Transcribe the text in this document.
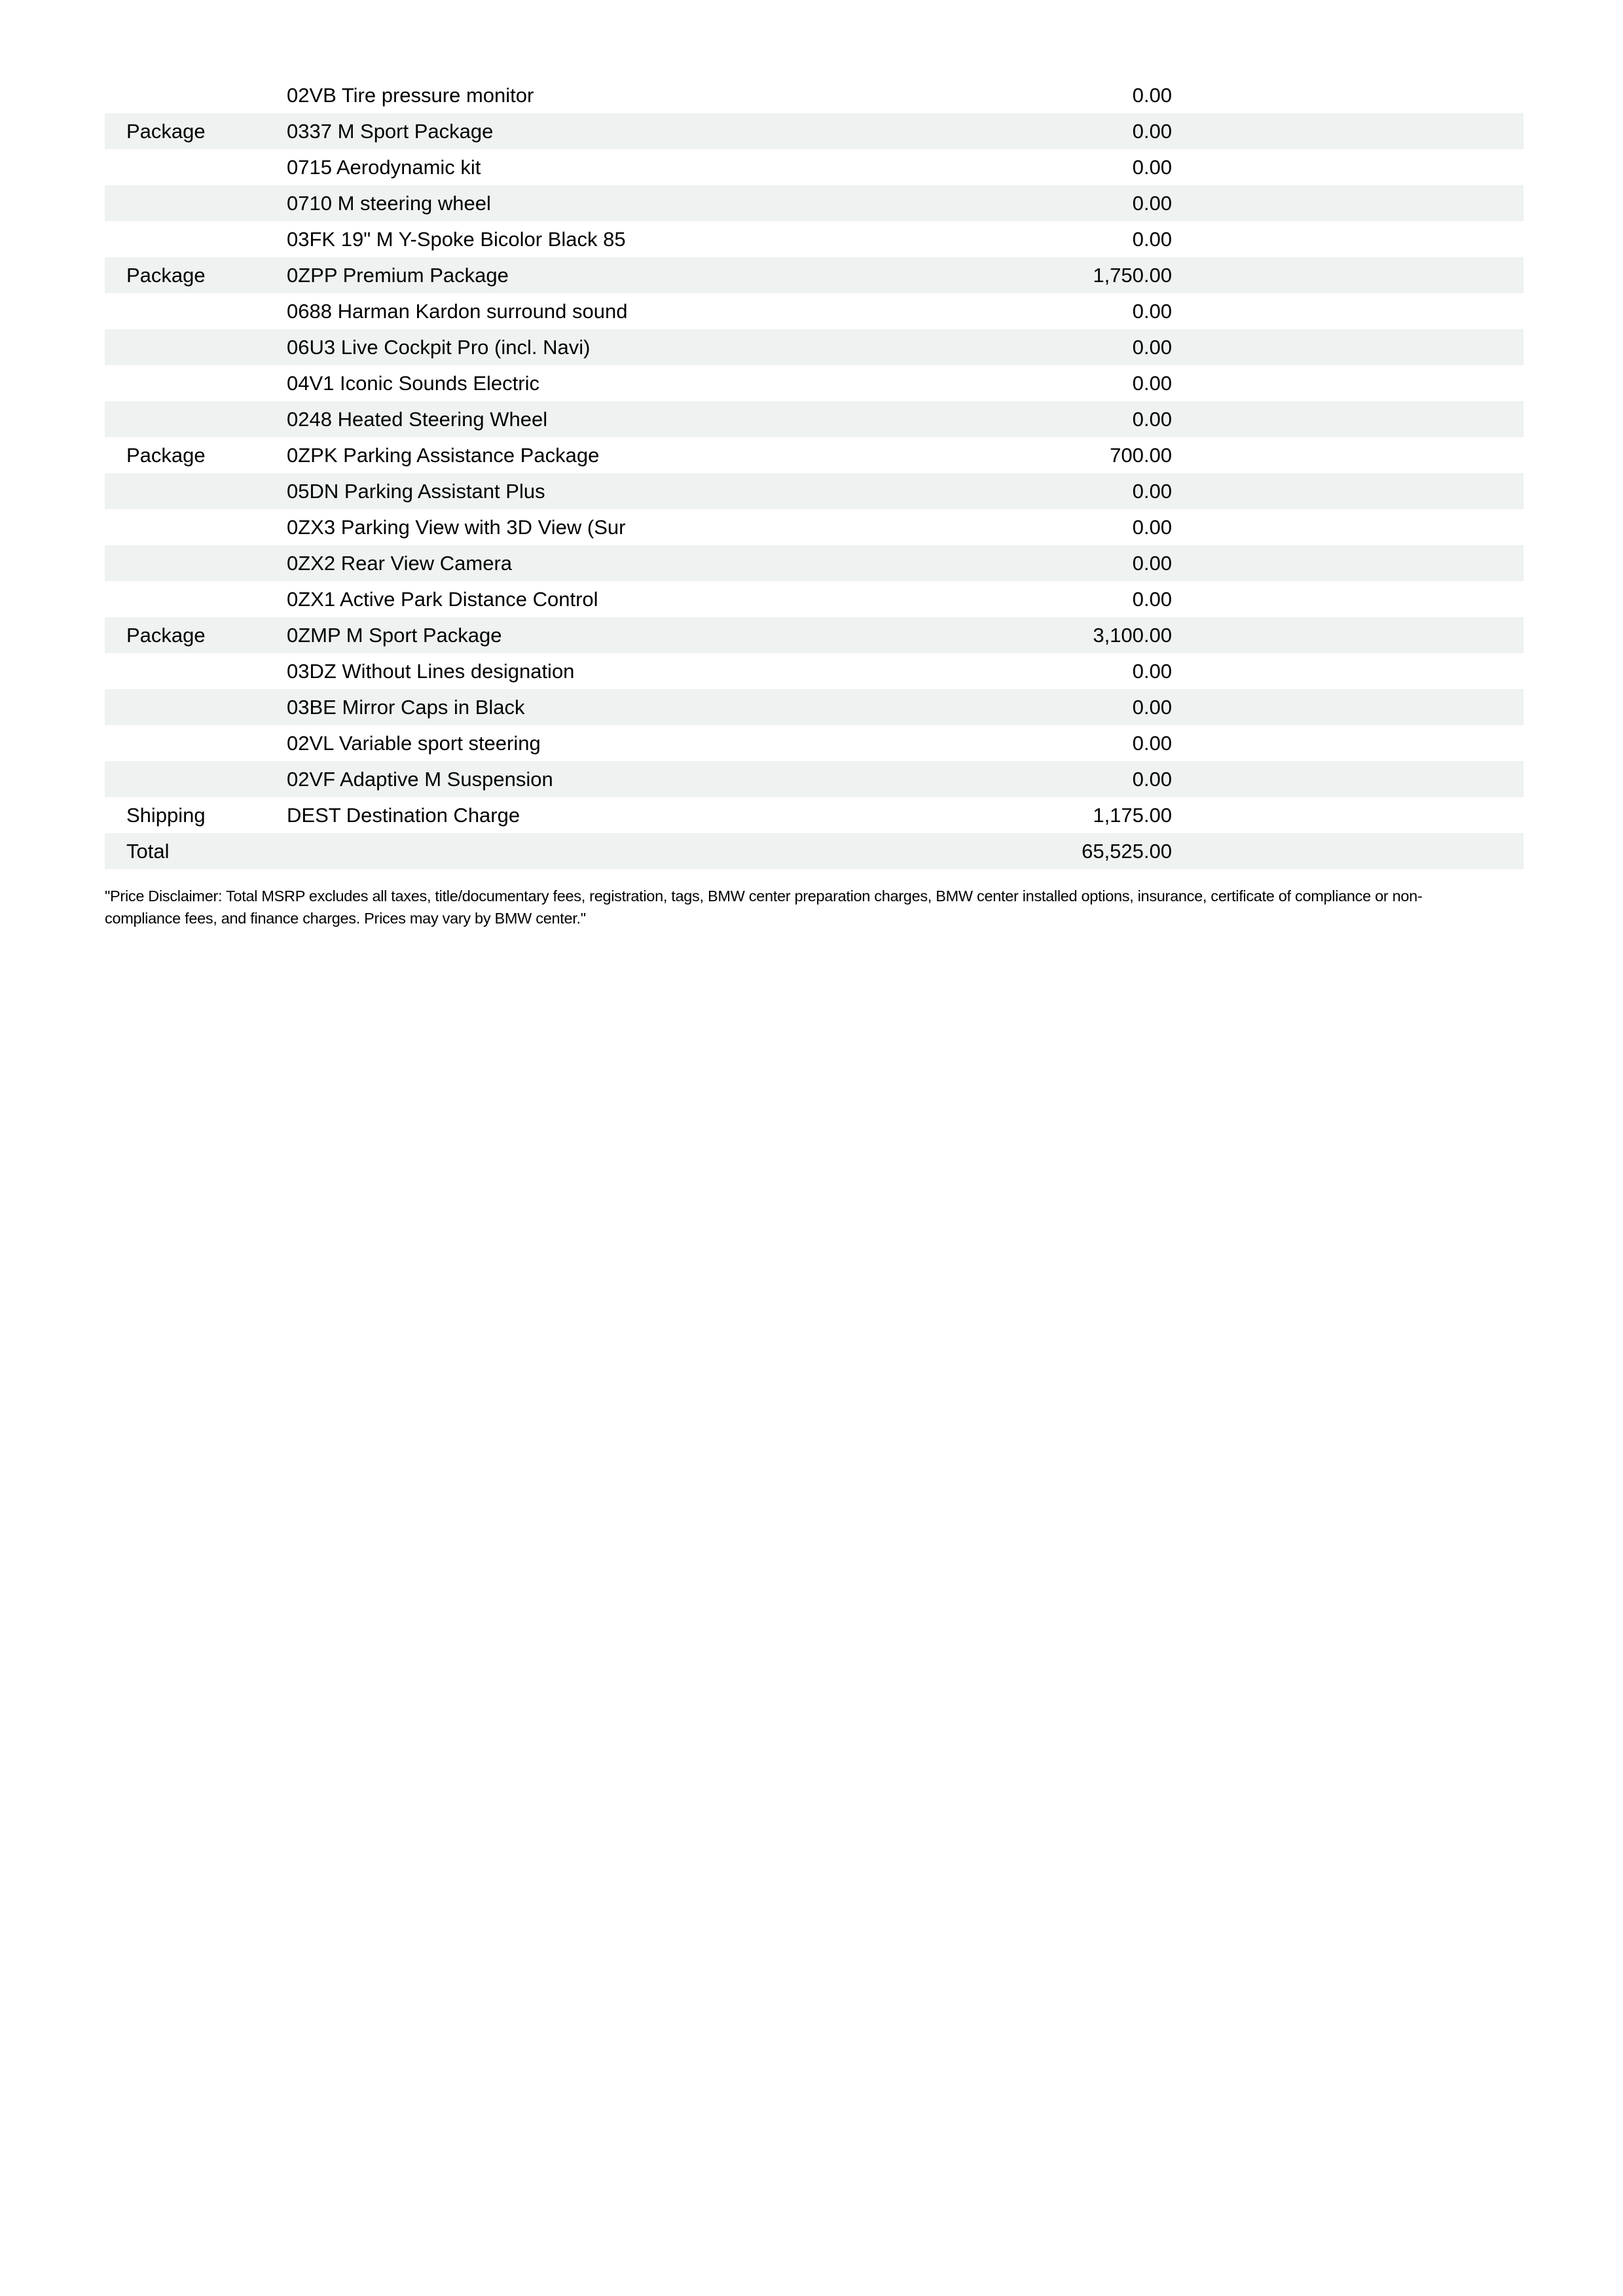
02VB Tire pressure monitor	0.00
Package	0337 M Sport Package	0.00
0715 Aerodynamic kit	0.00
0710 M steering wheel	0.00
03FK 19" M Y-Spoke Bicolor Black 85	0.00
Package	0ZPP Premium Package	1,750.00
0688 Harman Kardon surround sound	0.00
06U3 Live Cockpit Pro (incl. Navi)	0.00
04V1 Iconic Sounds Electric	0.00
0248 Heated Steering Wheel	0.00
Package	0ZPK Parking Assistance Package	700.00
05DN Parking Assistant Plus	0.00
0ZX3 Parking View with 3D View (Sur	0.00
0ZX2 Rear View Camera	0.00
0ZX1 Active Park Distance Control	0.00
Package	0ZMP M Sport Package	3,100.00
03DZ Without Lines designation	0.00
03BE Mirror Caps in Black	0.00
02VL Variable sport steering	0.00
02VF Adaptive M Suspension	0.00
Shipping	DEST Destination Charge	1,175.00
Total	65,525.00

"Price Disclaimer: Total MSRP excludes all taxes, title/documentary fees, registration, tags, BMW center preparation charges, BMW center installed options, insurance, certificate of compliance or non-compliance fees, and finance charges. Prices may vary by BMW center."
